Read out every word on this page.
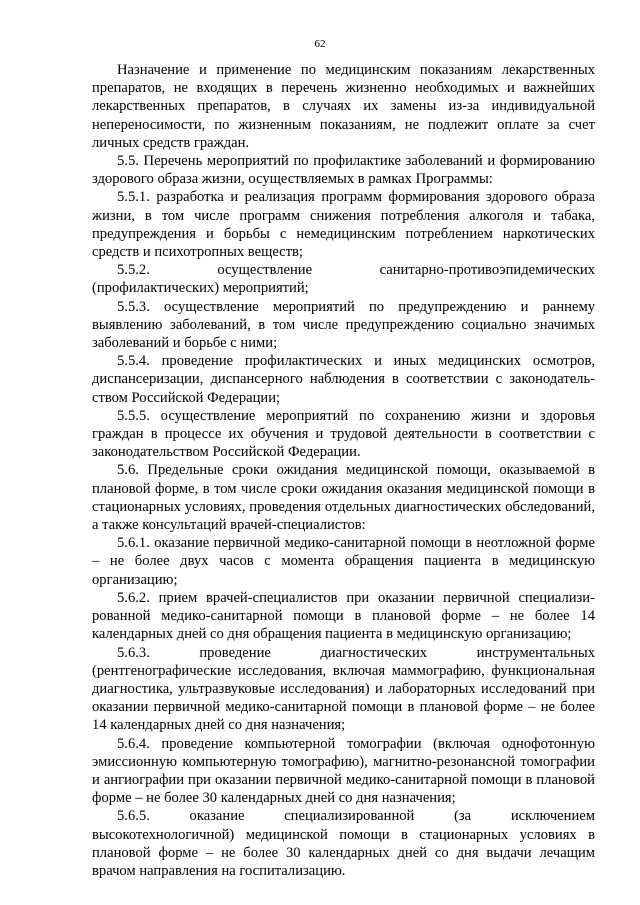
62

Назначение и применение по медицинским показаниям лекарственных препаратов, не входящих в перечень жизненно необходимых и важнейших лекарственных препаратов, в случаях их замены из-за индивидуальной непереносимости, по жизненным показаниям, не подлежит оплате за счет личных средств граждан.

5.5. Перечень мероприятий по профилактике заболеваний и формированию здорового образа жизни, осуществляемых в рамках Программы:

5.5.1. разработка и реализация программ формирования здорового образа жизни, в том числе программ снижения потребления алкоголя и табака, предупреждения и борьбы с немедицинским потреблением наркотических средств и психотропных веществ;

5.5.2. осуществление санитарно-противоэпидемических (профилактических) мероприятий;

5.5.3. осуществление мероприятий по предупреждению и раннему выявлению заболеваний, в том числе предупреждению социально значимых заболеваний и борьбе с ними;

5.5.4. проведение профилактических и иных медицинских осмотров, диспансеризации, диспансерного наблюдения в соответствии с законодательством Российской Федерации;

5.5.5. осуществление мероприятий по сохранению жизни и здоровья граждан в процессе их обучения и трудовой деятельности в соответствии с законодательством Российской Федерации.

5.6. Предельные сроки ожидания медицинской помощи, оказываемой в плановой форме, в том числе сроки ожидания оказания медицинской помощи в стационарных условиях, проведения отдельных диагностических обследований, а также консультаций врачей-специалистов:

5.6.1. оказание первичной медико-санитарной помощи в неотложной форме – не более двух часов с момента обращения пациента в медицинскую организацию;

5.6.2. прием врачей-специалистов при оказании первичной специализированной медико-санитарной помощи в плановой форме – не более 14 календарных дней со дня обращения пациента в медицинскую организацию;

5.6.3. проведение диагностических инструментальных (рентгенографические исследования, включая маммографию, функциональная диагностика, ультразвуковые исследования) и лабораторных исследований при оказании первичной медико-санитарной помощи в плановой форме – не более 14 календарных дней со дня назначения;

5.6.4. проведение компьютерной томографии (включая однофотонную эмиссионную компьютерную томографию), магнитно-резонансной томографии и ангиографии при оказании первичной медико-санитарной помощи в плановой форме – не более 30 календарных дней со дня назначения;

5.6.5. оказание специализированной (за исключением высокотехнологичной) медицинской помощи в стационарных условиях в плановой форме – не более 30 календарных дней со дня выдачи лечащим врачом направления на госпитализацию.
